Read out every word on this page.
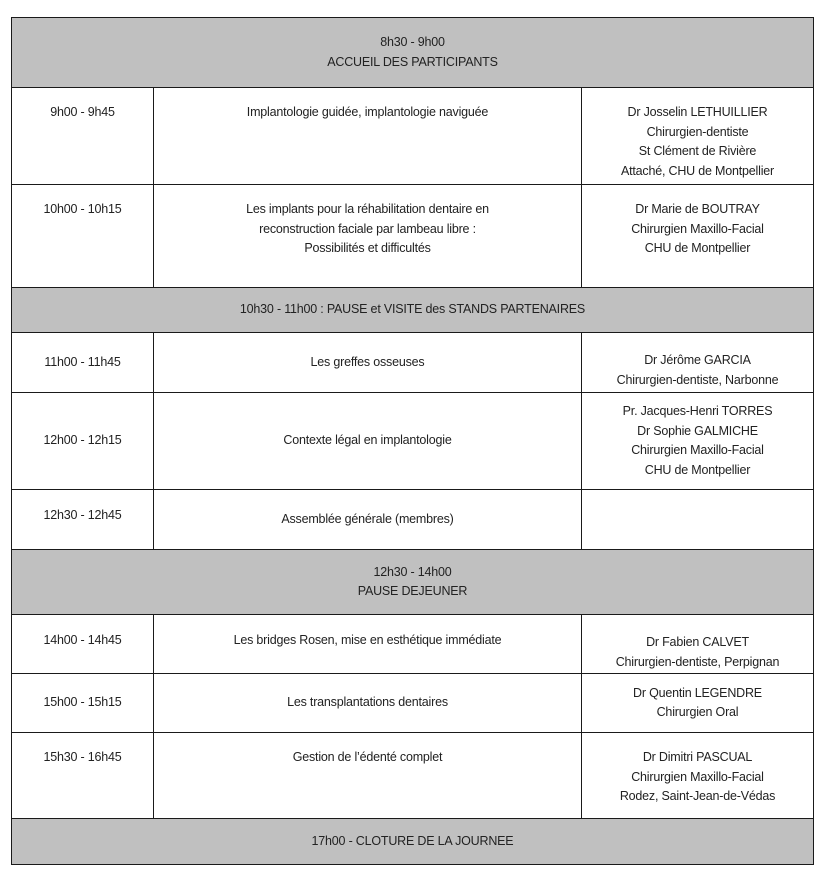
8h30 - 9h00
ACCUEIL DES PARTICIPANTS		

9h00 - 9h45	Implantologie guidée, implantologie naviguée	Dr Josselin LETHUILLIER
Chirurgien-dentiste
St Clément de Rivière
Attaché, CHU de Montpellier

10h00 - 10h15	Les implants pour la réhabilitation dentaire en
reconstruction faciale par lambeau libre :
Possibilités et difficultés	Dr Marie de BOUTRAY
Chirurgien Maxillo-Facial
CHU de Montpellier

10h30 - 11h00 : PAUSE et VISITE des STANDS PARTENAIRES		
11h00 - 11h45	Les greffes osseuses	Dr Jérôme GARCIA
Chirurgien-dentiste, Narbonne

12h00 - 12h15	Contexte légal en implantologie	Pr. Jacques-Henri TORRES
Dr Sophie GALMICHE
Chirurgien Maxillo-Facial
CHU de Montpellier

12h30 - 12h45	Assemblée générale (membres)	

12h30 - 14h00
PAUSE DEJEUNER		

14h00 - 14h45	Les bridges Rosen, mise en esthétique immédiate	Dr Fabien CALVET
Chirurgien-dentiste, Perpignan

15h00 - 15h15	Les transplantations dentaires	Dr Quentin LEGENDRE
Chirurgien Oral

15h30 - 16h45	Gestion de l’édenté complet	Dr Dimitri PASCUAL
Chirurgien Maxillo-Facial
Rodez, Saint-Jean-de-Védas

17h00 - CLOTURE DE LA JOURNEE		
